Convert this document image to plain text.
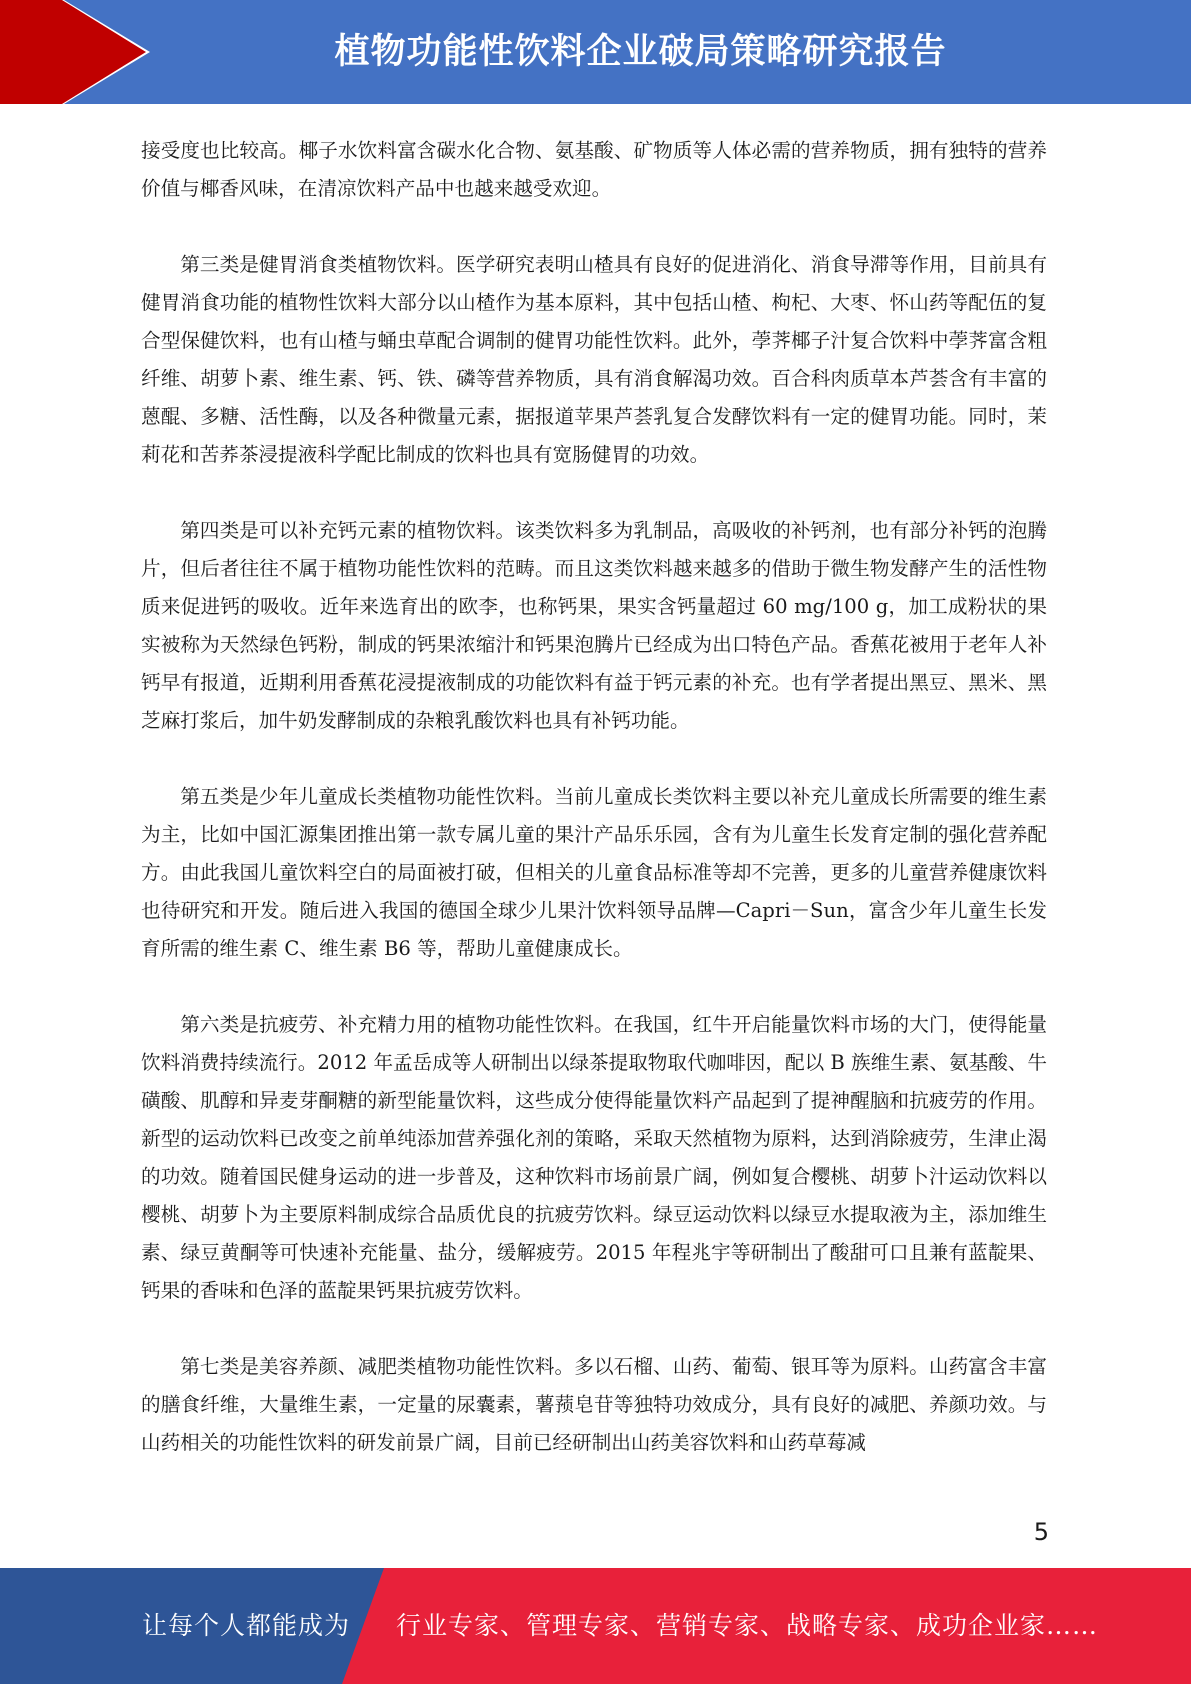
植物功能性饮料企业破局策略研究报告

接受度也比较高。椰子水饮料富含碳水化合物、氨基酸、矿物质等人体必需的营养物质，拥有独特的营养价值与椰香风味，在清凉饮料产品中也越来越受欢迎。

第三类是健胃消食类植物饮料。医学研究表明山楂具有良好的促进消化、消食导滞等作用，目前具有健胃消食功能的植物性饮料大部分以山楂作为基本原料，其中包括山楂、枸杞、大枣、怀山药等配伍的复合型保健饮料，也有山楂与蛹虫草配合调制的健胃功能性饮料。此外，荸荠椰子汁复合饮料中荸荠富含粗纤维、胡萝卜素、维生素、钙、铁、磷等营养物质，具有消食解渴功效。百合科肉质草本芦荟含有丰富的蒽醌、多糖、活性酶，以及各种微量元素，据报道苹果芦荟乳复合发酵饮料有一定的健胃功能。同时，茉莉花和苦荞茶浸提液科学配比制成的饮料也具有宽肠健胃的功效。

第四类是可以补充钙元素的植物饮料。该类饮料多为乳制品，高吸收的补钙剂，也有部分补钙的泡腾片，但后者往往不属于植物功能性饮料的范畴。而且这类饮料越来越多的借助于微生物发酵产生的活性物质来促进钙的吸收。近年来选育出的欧李，也称钙果，果实含钙量超过 60 mg/100 g，加工成粉状的果实被称为天然绿色钙粉，制成的钙果浓缩汁和钙果泡腾片已经成为出口特色产品。香蕉花被用于老年人补钙早有报道，近期利用香蕉花浸提液制成的功能饮料有益于钙元素的补充。也有学者提出黑豆、黑米、黑芝麻打浆后，加牛奶发酵制成的杂粮乳酸饮料也具有补钙功能。

第五类是少年儿童成长类植物功能性饮料。当前儿童成长类饮料主要以补充儿童成长所需要的维生素为主，比如中国汇源集团推出第一款专属儿童的果汁产品乐乐园，含有为儿童生长发育定制的强化营养配方。由此我国儿童饮料空白的局面被打破，但相关的儿童食品标准等却不完善，更多的儿童营养健康饮料也待研究和开发。随后进入我国的德国全球少儿果汁饮料领导品牌—Capri－Sun，富含少年儿童生长发育所需的维生素 C、维生素 B6 等，帮助儿童健康成长。

第六类是抗疲劳、补充精力用的植物功能性饮料。在我国，红牛开启能量饮料市场的大门，使得能量饮料消费持续流行。2012 年孟岳成等人研制出以绿茶提取物取代咖啡因，配以 B 族维生素、氨基酸、牛磺酸、肌醇和异麦芽酮糖的新型能量饮料，这些成分使得能量饮料产品起到了提神醒脑和抗疲劳的作用。新型的运动饮料已改变之前单纯添加营养强化剂的策略，采取天然植物为原料，达到消除疲劳，生津止渴的功效。随着国民健身运动的进一步普及，这种饮料市场前景广阔，例如复合樱桃、胡萝卜汁运动饮料以樱桃、胡萝卜为主要原料制成综合品质优良的抗疲劳饮料。绿豆运动饮料以绿豆水提取液为主，添加维生素、绿豆黄酮等可快速补充能量、盐分，缓解疲劳。2015 年程兆宇等研制出了酸甜可口且兼有蓝靛果、钙果的香味和色泽的蓝靛果钙果抗疲劳饮料。

第七类是美容养颜、减肥类植物功能性饮料。多以石榴、山药、葡萄、银耳等为原料。山药富含丰富的膳食纤维，大量维生素，一定量的尿囊素，薯蓣皂苷等独特功效成分，具有良好的减肥、养颜功效。与山药相关的功能性饮料的研发前景广阔，目前已经研制出山药美容饮料和山药草莓减

5
让每个人都能成为 行业专家、管理专家、营销专家、战略专家、成功企业家……
